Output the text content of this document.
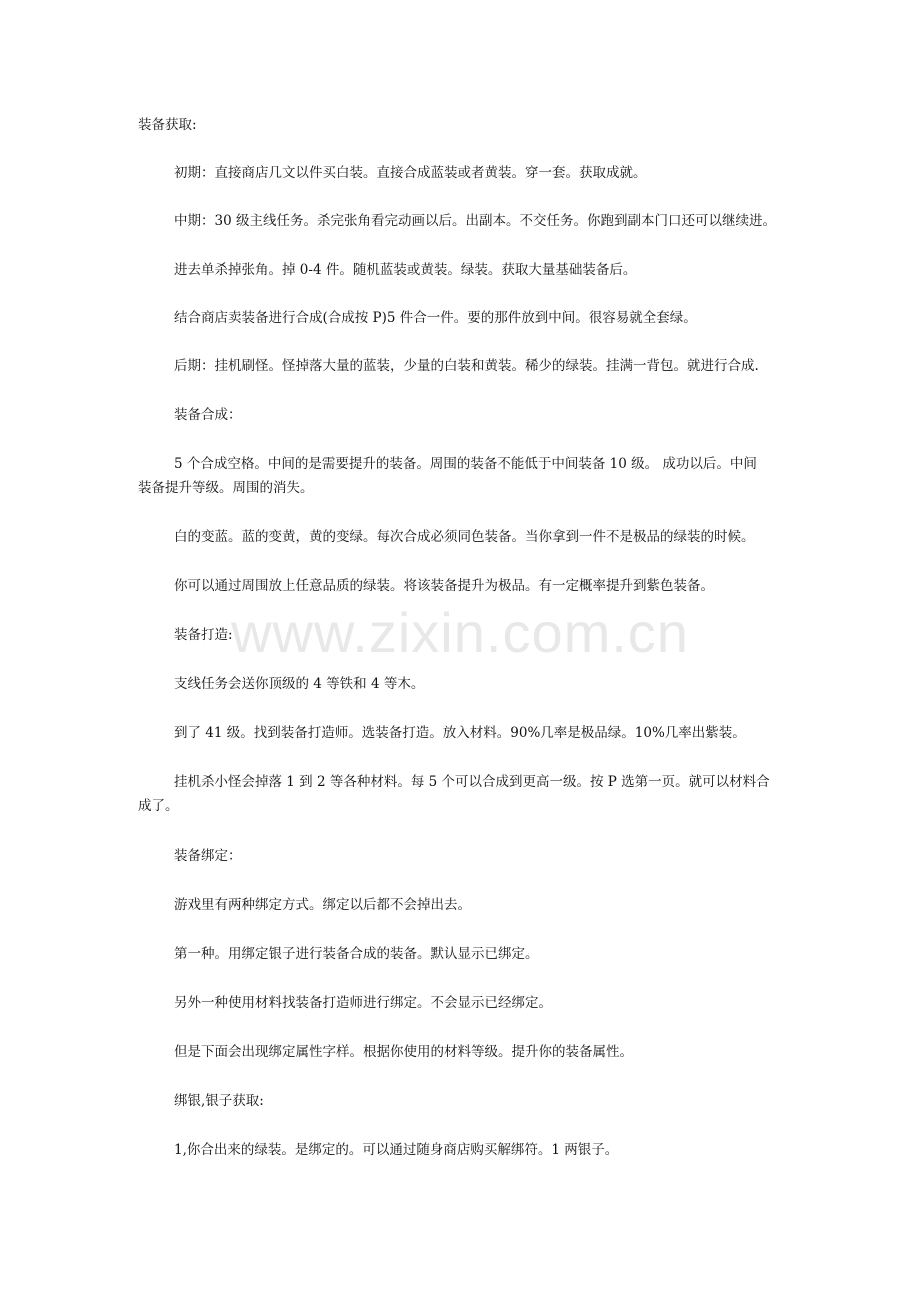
装备获取:
初期：直接商店几文以件买白装。直接合成蓝装或者黄装。穿一套。获取成就。
中期：30 级主线任务。杀完张角看完动画以后。出副本。不交任务。你跑到副本门口还可以继续进。
进去单杀掉张角。掉 0-4 件。随机蓝装或黄装。绿装。获取大量基础装备后。
结合商店卖装备进行合成(合成按 P)5 件合一件。要的那件放到中间。很容易就全套绿。
后期：挂机刷怪。怪掉落大量的蓝装，少量的白装和黄装。稀少的绿装。挂满一背包。就进行合成.
装备合成：
5 个合成空格。中间的是需要提升的装备。周围的装备不能低于中间装备 10 级。 成功以后。中间
装备提升等级。周围的消失。
白的变蓝。蓝的变黄，黄的变绿。每次合成必须同色装备。当你拿到一件不是极品的绿装的时候。
你可以通过周围放上任意品质的绿装。将该装备提升为极品。有一定概率提升到紫色装备。
装备打造:
支线任务会送你顶级的 4 等铁和 4 等木。
到了 41 级。找到装备打造师。选装备打造。放入材料。90%几率是极品绿。10%几率出紫装。
挂机杀小怪会掉落 1 到 2 等各种材料。每 5 个可以合成到更高一级。按 P 选第一页。就可以材料合
成了。
装备绑定：
游戏里有两种绑定方式。绑定以后都不会掉出去。
第一种。用绑定银子进行装备合成的装备。默认显示已绑定。
另外一种使用材料找装备打造师进行绑定。不会显示已经绑定。
但是下面会出现绑定属性字样。根据你使用的材料等级。提升你的装备属性。
绑银,银子获取:
1,你合出来的绿装。是绑定的。可以通过随身商店购买解绑符。1 两银子。
www.zixin.com.cn
